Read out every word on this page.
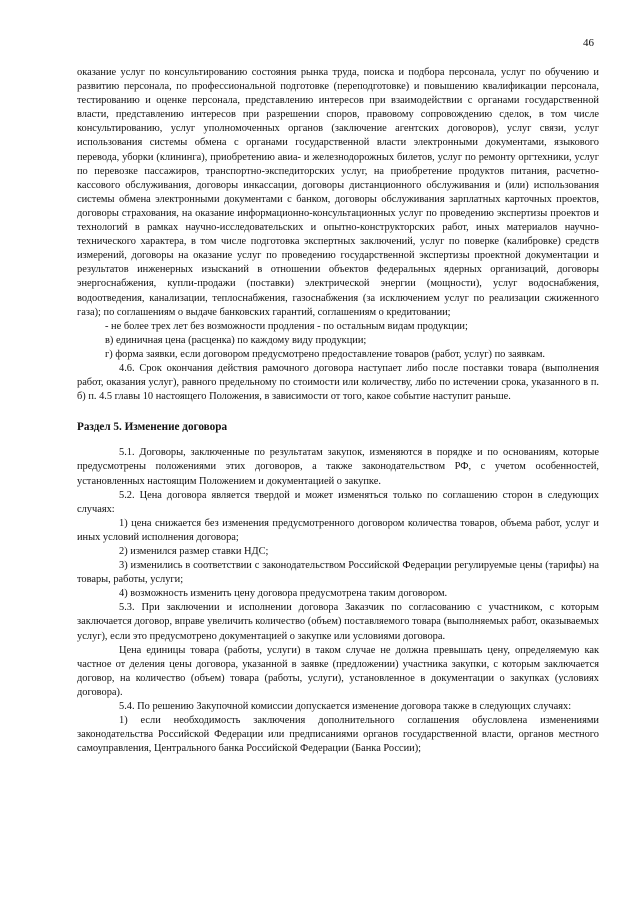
46

оказание услуг по консультированию состояния рынка труда, поиска и подбора персонала, услуг по обучению и развитию персонала, по профессиональной подготовке (переподготовке) и повышению квалификации персонала, тестированию и оценке персонала, представлению интересов при взаимодействии с органами государственной власти, представлению интересов при разрешении споров, правовому сопровождению сделок, в том числе консультированию, услуг уполномоченных органов (заключение агентских договоров), услуг связи, услуг использования системы обмена с органами государственной власти электронными документами, языкового перевода, уборки (клининга), приобретению авиа- и железнодорожных билетов, услуг по ремонту оргтехники, услуг по перевозке пассажиров, транспортно-экспедиторских услуг, на приобретение продуктов питания, расчетно-кассового обслуживания, договоры инкассации, договоры дистанционного обслуживания и (или) использования системы обмена электронными документами с банком, договоры обслуживания зарплатных карточных проектов, договоры страхования, на оказание информационно-консультационных услуг по проведению экспертизы проектов и технологий в рамках научно-исследовательских и опытно-конструкторских работ, иных материалов научно-технического характера, в том числе подготовка экспертных заключений, услуг по поверке (калибровке) средств измерений, договоры на оказание услуг по проведению государственной экспертизы проектной документации и результатов инженерных изысканий в отношении объектов федеральных ядерных организаций, договоры энергоснабжения, купли-продажи (поставки) электрической энергии (мощности), услуг водоснабжения, водоотведения, канализации, теплоснабжения, газоснабжения (за исключением услуг по реализации сжиженного газа); по соглашениям о выдаче банковских гарантий, соглашениям о кредитовании;

- не более трех лет без возможности продления - по остальным видам продукции;

в) единичная цена (расценка) по каждому виду продукции;

г) форма заявки, если договором предусмотрено предоставление товаров (работ, услуг) по заявкам.

4.6. Срок окончания действия рамочного договора наступает либо после поставки товара (выполнения работ, оказания услуг), равного предельному по стоимости или количеству, либо по истечении срока, указанного в п. б) п. 4.5 главы 10 настоящего Положения, в зависимости от того, какое событие наступит раньше.

Раздел 5. Изменение договора

5.1. Договоры, заключенные по результатам закупок, изменяются в порядке и по основаниям, которые предусмотрены положениями этих договоров, а также законодательством РФ, с учетом особенностей, установленных настоящим Положением и документацией о закупке.

5.2. Цена договора является твердой и может изменяться только по соглашению сторон в следующих случаях:

1) цена снижается без изменения предусмотренного договором количества товаров, объема работ, услуг и иных условий исполнения договора;

2) изменился размер ставки НДС;

3) изменились в соответствии с законодательством Российской Федерации регулируемые цены (тарифы) на товары, работы, услуги;

4) возможность изменить цену договора предусмотрена таким договором.

5.3. При заключении и исполнении договора Заказчик по согласованию с участником, с которым заключается договор, вправе увеличить количество (объем) поставляемого товара (выполняемых работ, оказываемых услуг), если это предусмотрено документацией о закупке или условиями договора.

Цена единицы товара (работы, услуги) в таком случае не должна превышать цену, определяемую как частное от деления цены договора, указанной в заявке (предложении) участника закупки, с которым заключается договор, на количество (объем) товара (работы, услуги), установленное в документации о закупках (условиях договора).

5.4. По решению Закупочной комиссии допускается изменение договора также в следующих случаях:

1) если необходимость заключения дополнительного соглашения обусловлена изменениями законодательства Российской Федерации или предписаниями органов государственной власти, органов местного самоуправления, Центрального банка Российской Федерации (Банка России);
